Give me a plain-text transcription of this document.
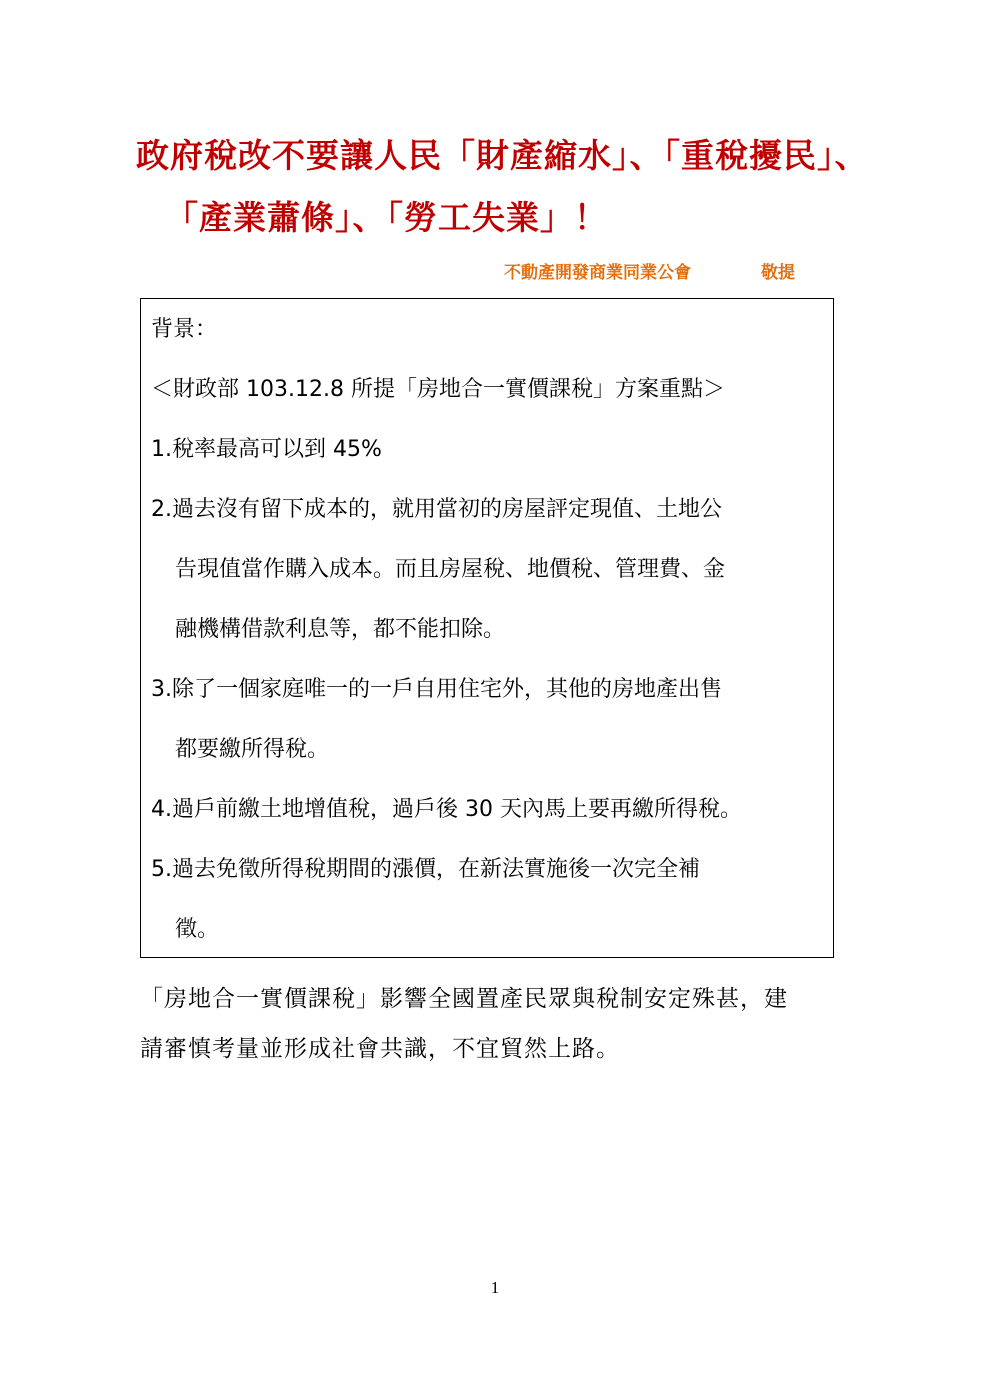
政府稅改不要讓人民「財產縮水」、「重稅擾民」、
「產業蕭條」、「勞工失業」！
不動產開發商業同業公會	敬提
背景：
＜財政部 103.12.8 所提「房地合一實價課稅」方案重點＞
1.稅率最高可以到 45%
2.過去沒有留下成本的，就用當初的房屋評定現值、土地公
告現值當作購入成本。而且房屋稅、地價稅、管理費、金
融機構借款利息等，都不能扣除。
3.除了一個家庭唯一的一戶自用住宅外，其他的房地產出售
都要繳所得稅。
4.過戶前繳土地增值稅，過戶後 30 天內馬上要再繳所得稅。
5.過去免徵所得稅期間的漲價，在新法實施後一次完全補
徵。
「房地合一實價課稅」影響全國置產民眾與稅制安定殊甚，建
請審慎考量並形成社會共識，不宜貿然上路。
1
